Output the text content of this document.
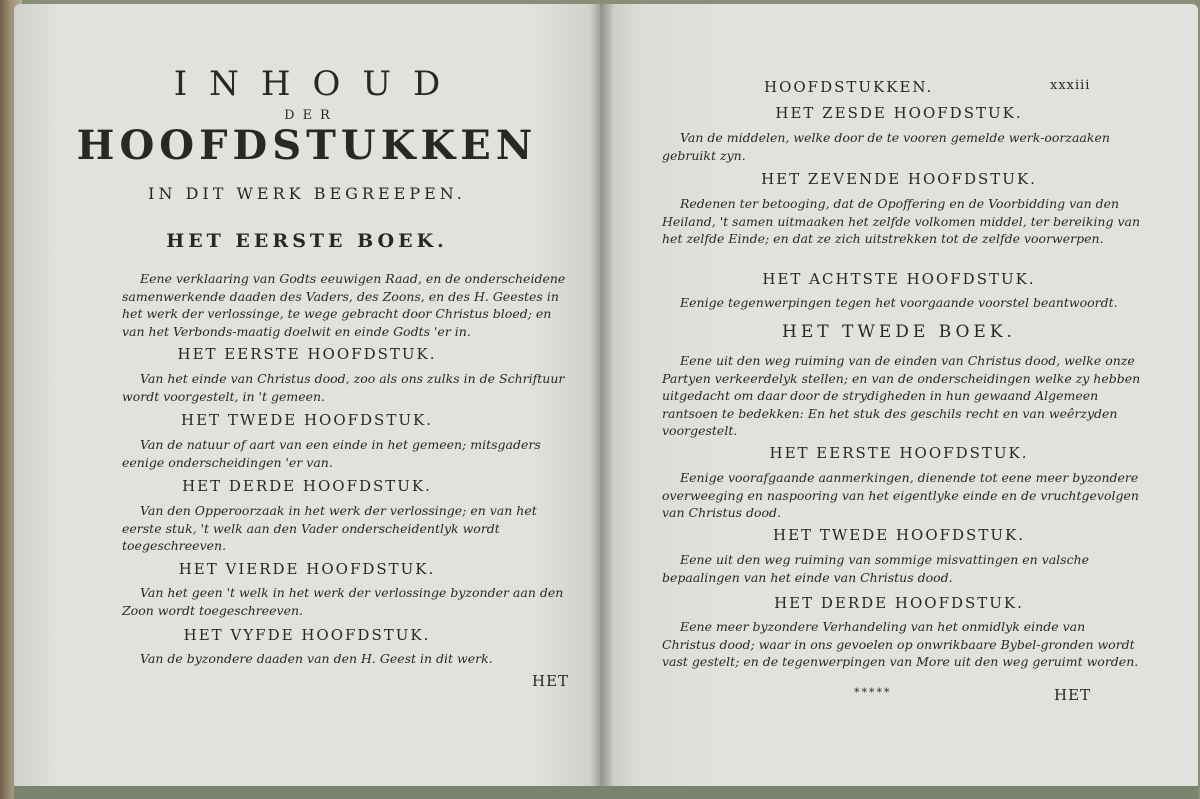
INHOUD

DER

HOOFDSTUKKEN

IN DIT WERK BEGREEPEN.

HET EERSTE BOEK.

Eene verklaaring van Godts eeuwigen Raad, en de onderscheidene samenwerkende daaden des Vaders, des Zoons, en des H. Geestes in het werk der verlossinge, te wege gebracht door Christus bloed; en van het Verbonds-maatig doelwit en einde Godts 'er in.

HET EERSTE HOOFDSTUK.

Van het einde van Christus dood, zoo als ons zulks in de Schriftuur wordt voorgestelt, in 't gemeen.

HET TWEDE HOOFDSTUK.

Van de natuur of aart van een einde in het gemeen; mitsgaders eenige onderscheidingen 'er van.

HET DERDE HOOFDSTUK.

Van den Opperoorzaak in het werk der verlossinge; en van het eerste stuk, 't welk aan den Vader onderscheidentlyk wordt toegeschreeven.

HET VIERDE HOOFDSTUK.

Van het geen 't welk in het werk der verlossinge byzonder aan den Zoon wordt toegeschreeven.

HET VYFDE HOOFDSTUK.

Van de byzondere daaden van den H. Geest in dit werk.

HET

HOOFDSTUKKEN.	xxxiii

HET ZESDE HOOFDSTUK.

Van de middelen, welke door de te vooren gemelde werk-oorzaaken gebruikt zyn.

HET ZEVENDE HOOFDSTUK.

Redenen ter betooging, dat de Opoffering en de Voorbidding van den Heiland, 't samen uitmaaken het zelfde volkomen middel, ter bereiking van het zelfde Einde; en dat ze zich uitstrekken tot de zelfde voorwerpen.

HET ACHTSTE HOOFDSTUK.

Eenige tegenwerpingen tegen het voorgaande voorstel beantwoordt.

HET TWEDE BOEK.

Eene uit den weg ruiming van de einden van Christus dood, welke onze Partyen verkeerdelyk stellen; en van de onderscheidingen welke zy hebben uitgedacht om daar door de strydigheden in hun gewaand Algemeen rantsoen te bedekken: En het stuk des geschils recht en van weêrzyden voorgestelt.

HET EERSTE HOOFDSTUK.

Eenige voorafgaande aanmerkingen, dienende tot eene meer byzondere overweeging en naspooring van het eigentlyke einde en de vruchtgevolgen van Christus dood.

HET TWEDE HOOFDSTUK.

Eene uit den weg ruiming van sommige misvattingen en valsche bepaalingen van het einde van Christus dood.

HET DERDE HOOFDSTUK.

Eene meer byzondere Verhandeling van het onmidlyk einde van Christus dood; waar in ons gevoelen op onwrikbaare Bybel-gronden wordt vast gestelt; en de tegenwerpingen van More uit den weg geruimt worden.

*****	HET
